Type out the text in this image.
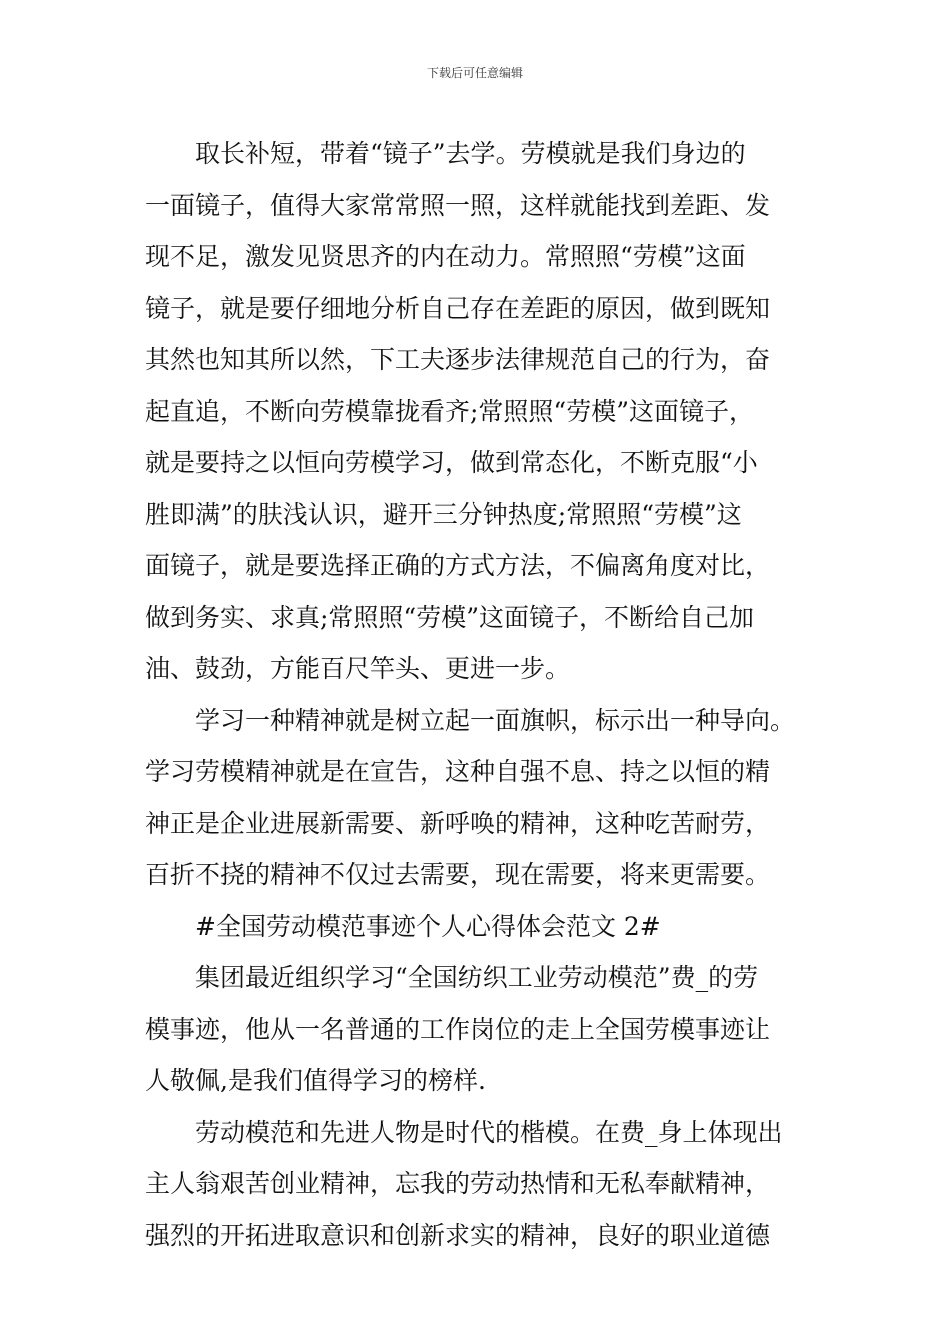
下载后可任意编辑
取长补短，带着“镜子”去学。劳模就是我们身边的
一面镜子，值得大家常常照一照，这样就能找到差距、发
现不足，激发见贤思齐的内在动力。常照照“劳模”这面
镜子，就是要仔细地分析自己存在差距的原因，做到既知
其然也知其所以然，下工夫逐步法律规范自己的行为，奋
起直追，不断向劳模靠拢看齐;常照照“劳模”这面镜子，
就是要持之以恒向劳模学习，做到常态化，不断克服“小
胜即满”的肤浅认识，避开三分钟热度;常照照“劳模”这
面镜子，就是要选择正确的方式方法，不偏离角度对比，
做到务实、求真;常照照“劳模”这面镜子，不断给自己加
油、鼓劲，方能百尺竿头、更进一步。
学习一种精神就是树立起一面旗帜，标示出一种导向。
学习劳模精神就是在宣告，这种自强不息、持之以恒的精
神正是企业进展新需要、新呼唤的精神，这种吃苦耐劳，
百折不挠的精神不仅过去需要，现在需要，将来更需要。
#全国劳动模范事迹个人心得体会范文 2#
集团最近组织学习“全国纺织工业劳动模范”费_的劳
模事迹，他从一名普通的工作岗位的走上全国劳模事迹让
人敬佩,是我们值得学习的榜样.
劳动模范和先进人物是时代的楷模。在费_身上体现出
主人翁艰苦创业精神，忘我的劳动热情和无私奉献精神，
强烈的开拓进取意识和创新求实的精神，良好的职业道德
